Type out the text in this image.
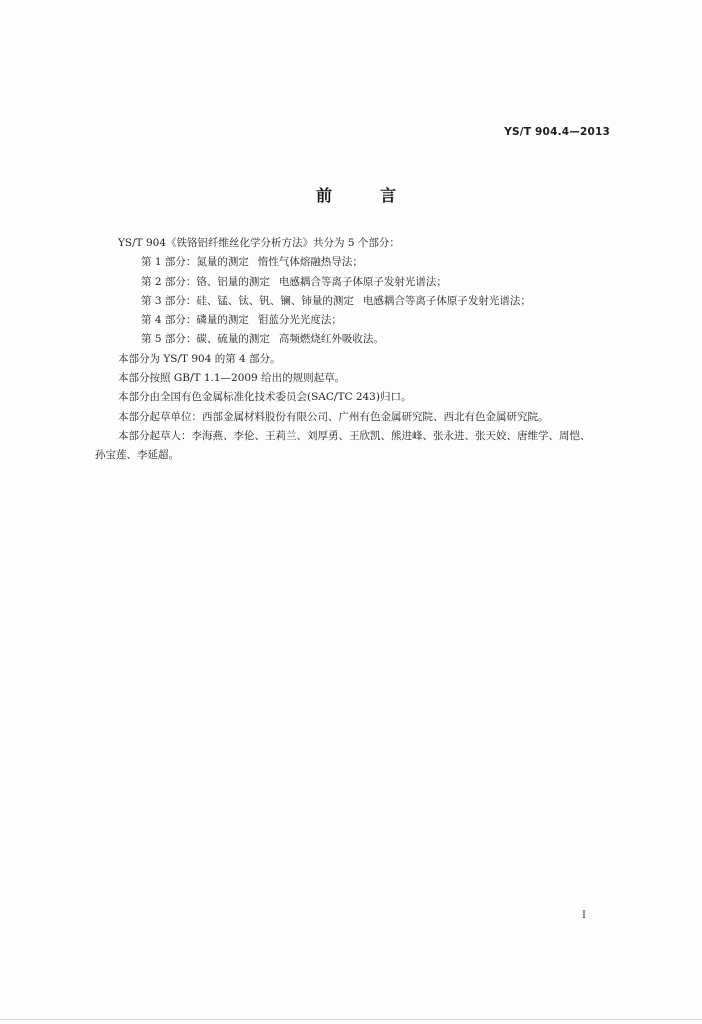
YS/T 904.4—2013
前	言
YS/T 904《铁铬铝纤维丝化学分析方法》共分为 5 个部分：
第 1 部分：氮量的测定 惰性气体熔融热导法；
第 2 部分：铬、铝量的测定 电感耦合等离子体原子发射光谱法；
第 3 部分：硅、锰、钛、钒、镧、铈量的测定 电感耦合等离子体原子发射光谱法；
第 4 部分：磷量的测定 钼蓝分光光度法；
第 5 部分：碳、硫量的测定 高频燃烧红外吸收法。
本部分为 YS/T 904 的第 4 部分。
本部分按照 GB/T 1.1—2009 给出的规则起草。
本部分由全国有色金属标准化技术委员会(SAC/TC 243)归口。
本部分起草单位：西部金属材料股份有限公司、广州有色金属研究院、西北有色金属研究院。
本部分起草人：李海燕、李伦、王莉兰、刘厚勇、王欣凯、熊进峰、张永进、张天姣、唐维学、周恺、
孙宝莲、李延超。
I
